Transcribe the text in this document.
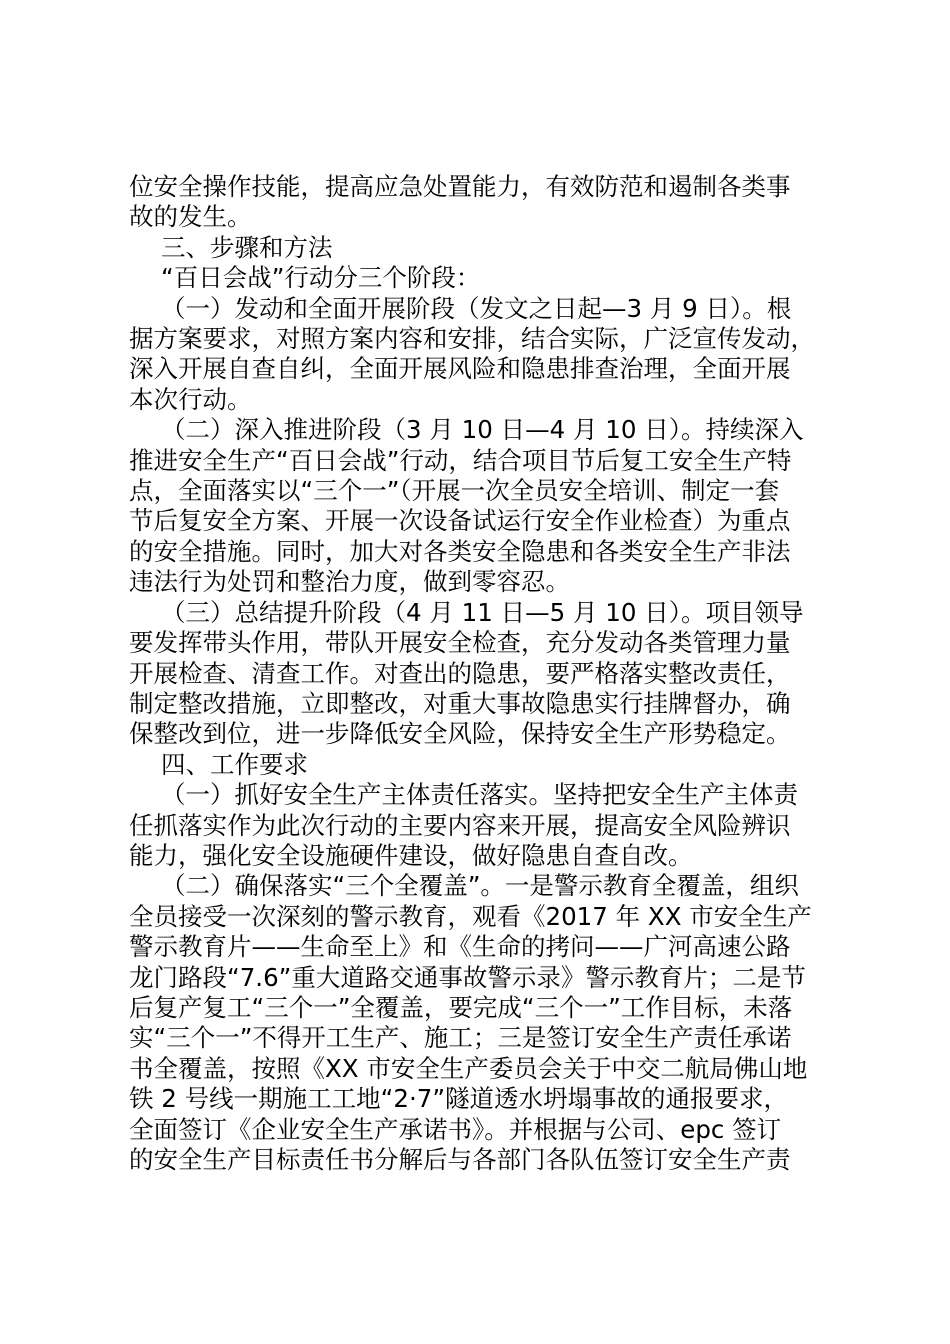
位安全操作技能，提高应急处置能力，有效防范和遏制各类事
故的发生。

三、步骤和方法

“百日会战”行动分三个阶段：

（一）发动和全面开展阶段（发文之日起—3 月 9 日）。根
据方案要求，对照方案内容和安排，结合实际，广泛宣传发动，
深入开展自查自纠，全面开展风险和隐患排查治理，全面开展
本次行动。

（二）深入推进阶段（3 月 10 日—4 月 10 日）。持续深入
推进安全生产“百日会战”行动，结合项目节后复工安全生产特
点，全面落实以“三个一”（开展一次全员安全培训、制定一套
节后复安全方案、开展一次设备试运行安全作业检查）为重点
的安全措施。同时，加大对各类安全隐患和各类安全生产非法
违法行为处罚和整治力度，做到零容忍。

（三）总结提升阶段（4 月 11 日—5 月 10 日）。项目领导
要发挥带头作用，带队开展安全检查，充分发动各类管理力量
开展检查、清查工作。对查出的隐患，要严格落实整改责任，
制定整改措施，立即整改，对重大事故隐患实行挂牌督办，确
保整改到位，进一步降低安全风险，保持安全生产形势稳定。

四、工作要求

（一）抓好安全生产主体责任落实。坚持把安全生产主体责
任抓落实作为此次行动的主要内容来开展，提高安全风险辨识
能力，强化安全设施硬件建设，做好隐患自查自改。

（二）确保落实“三个全覆盖”。一是警示教育全覆盖，组织
全员接受一次深刻的警示教育，观看《2017 年 XX 市安全生产
警示教育片——生命至上》和《生命的拷问——广河高速公路
龙门路段“7.6”重大道路交通事故警示录》警示教育片；二是节
后复产复工“三个一”全覆盖，要完成“三个一”工作目标，未落
实“三个一”不得开工生产、施工；三是签订安全生产责任承诺
书全覆盖，按照《XX 市安全生产委员会关于中交二航局佛山地
铁 2 号线一期施工工地“2·7”隧道透水坍塌事故的通报要求，
全面签订《企业安全生产承诺书》。并根据与公司、epc 签订
的安全生产目标责任书分解后与各部门各队伍签订安全生产责
